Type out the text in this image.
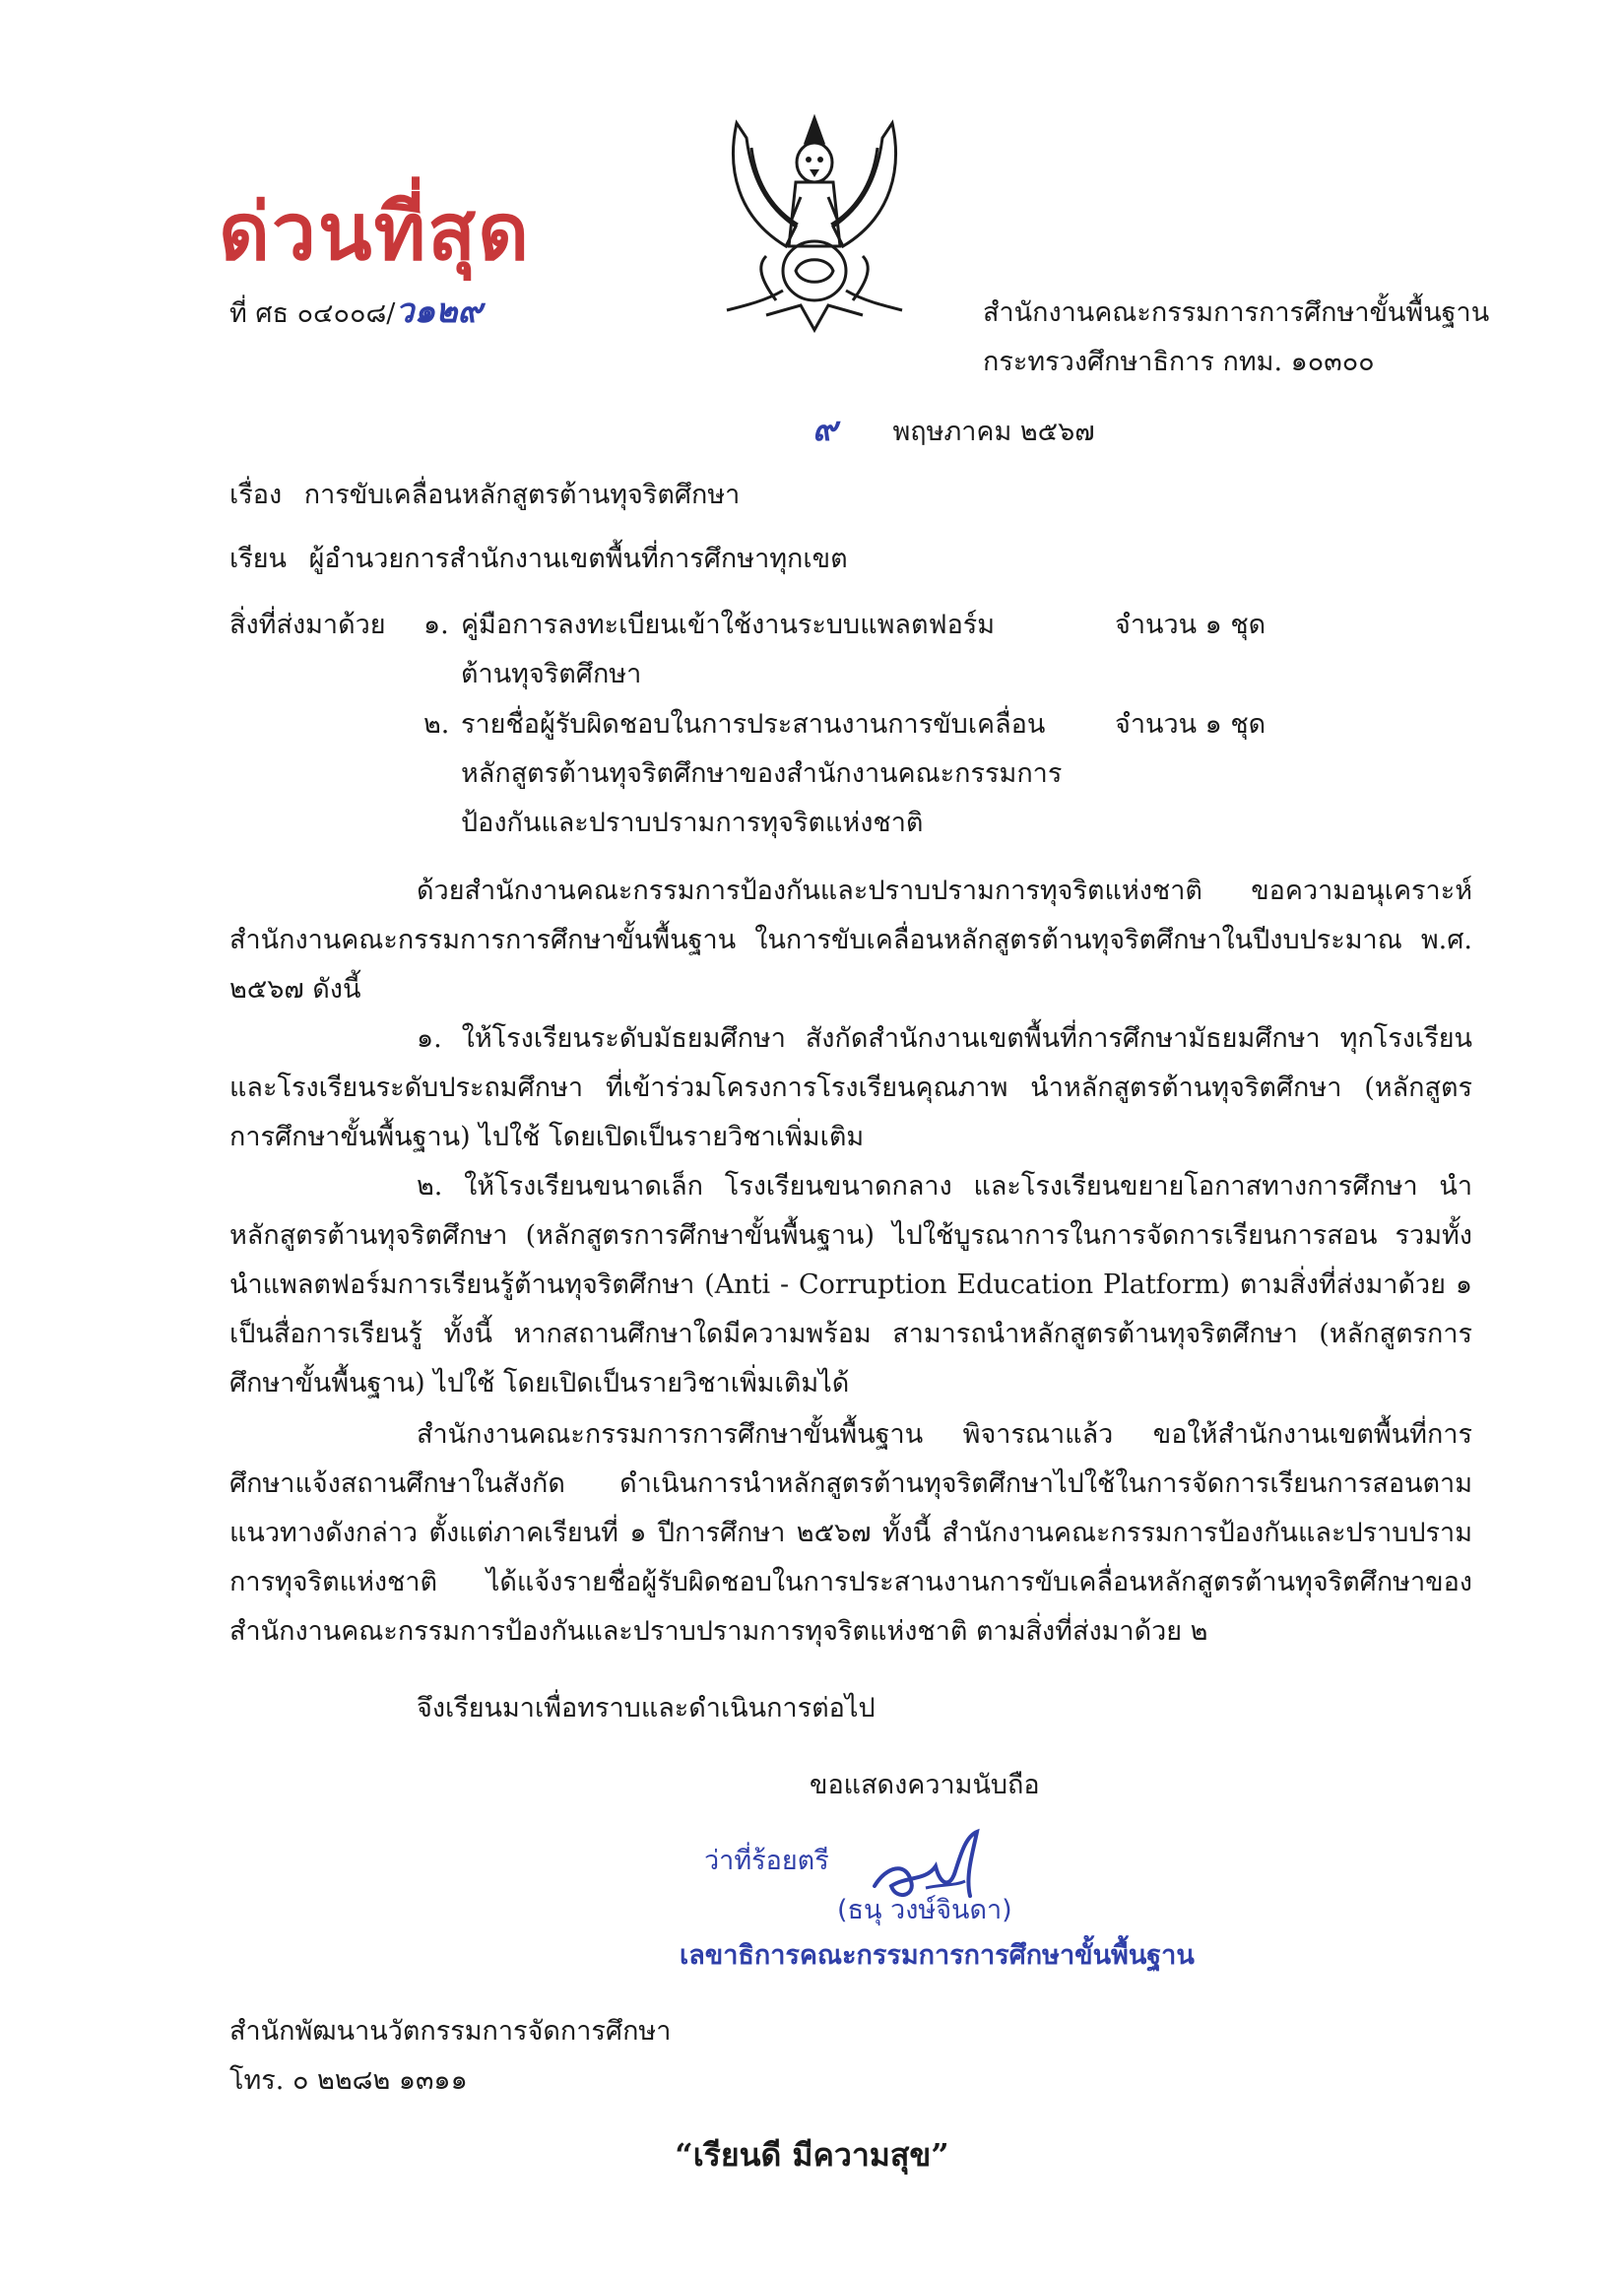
ด่วนที่สุด
ที่ ศธ ๐๔๐๐๘/ว๑๒๙	สำนักงานคณะกรรมการการศึกษาขั้นพื้นฐาน
กระทรวงศึกษาธิการ กทม. ๑๐๓๐๐
๙ พฤษภาคม ๒๕๖๗
เรื่อง การขับเคลื่อนหลักสูตรต้านทุจริตศึกษา
เรียน ผู้อำนวยการสำนักงานเขตพื้นที่การศึกษาทุกเขต
สิ่งที่ส่งมาด้วย ๑. คู่มือการลงทะเบียนเข้าใช้งานระบบแพลตฟอร์ม
ต้านทุจริตศึกษา
จำนวน ๑ ชุด
๒. รายชื่อผู้รับผิดชอบในการประสานงานการขับเคลื่อน
หลักสูตรต้านทุจริตศึกษาของสำนักงานคณะกรรมการ
ป้องกันและปราบปรามการทุจริตแห่งชาติ
จำนวน ๑ ชุด

ด้วยสำนักงานคณะกรรมการป้องกันและปราบปรามการทุจริตแห่งชาติ ขอความอนุเคราะห์สำนักงานคณะกรรมการการศึกษาขั้นพื้นฐาน ในการขับเคลื่อนหลักสูตรต้านทุจริตศึกษาในปีงบประมาณ พ.ศ. ๒๕๖๗ ดังนี้

๑. ให้โรงเรียนระดับมัธยมศึกษา สังกัดสำนักงานเขตพื้นที่การศึกษามัธยมศึกษา ทุกโรงเรียน และโรงเรียนระดับประถมศึกษา ที่เข้าร่วมโครงการโรงเรียนคุณภาพ นำหลักสูตรต้านทุจริตศึกษา (หลักสูตรการศึกษาขั้นพื้นฐาน) ไปใช้ โดยเปิดเป็นรายวิชาเพิ่มเติม

๒. ให้โรงเรียนขนาดเล็ก โรงเรียนขนาดกลาง และโรงเรียนขยายโอกาสทางการศึกษา นำหลักสูตรต้านทุจริตศึกษา (หลักสูตรการศึกษาขั้นพื้นฐาน) ไปใช้บูรณาการในการจัดการเรียนการสอน รวมทั้งนำแพลตฟอร์มการเรียนรู้ต้านทุจริตศึกษา (Anti - Corruption Education Platform) ตามสิ่งที่ส่งมาด้วย ๑ เป็นสื่อการเรียนรู้ ทั้งนี้ หากสถานศึกษาใดมีความพร้อม สามารถนำหลักสูตรต้านทุจริตศึกษา (หลักสูตรการศึกษาขั้นพื้นฐาน) ไปใช้ โดยเปิดเป็นรายวิชาเพิ่มเติมได้

สำนักงานคณะกรรมการการศึกษาขั้นพื้นฐาน พิจารณาแล้ว ขอให้สำนักงานเขตพื้นที่การศึกษาแจ้งสถานศึกษาในสังกัด ดำเนินการนำหลักสูตรต้านทุจริตศึกษาไปใช้ในการจัดการเรียนการสอนตามแนวทางดังกล่าว ตั้งแต่ภาคเรียนที่ ๑ ปีการศึกษา ๒๕๖๗ ทั้งนี้ สำนักงานคณะกรรมการป้องกันและปราบปรามการทุจริตแห่งชาติ ได้แจ้งรายชื่อผู้รับผิดชอบในการประสานงานการขับเคลื่อนหลักสูตรต้านทุจริตศึกษาของสำนักงานคณะกรรมการป้องกันและปราบปรามการทุจริตแห่งชาติ ตามสิ่งที่ส่งมาด้วย ๒

จึงเรียนมาเพื่อทราบและดำเนินการต่อไป
ขอแสดงความนับถือ
ว่าที่ร้อยตรี
(ธนุ วงษ์จินดา)
เลขาธิการคณะกรรมการการศึกษาขั้นพื้นฐาน
สำนักพัฒนานวัตกรรมการจัดการศึกษา
โทร. ๐ ๒๒๘๒ ๑๓๑๑
“เรียนดี มีความสุข”
